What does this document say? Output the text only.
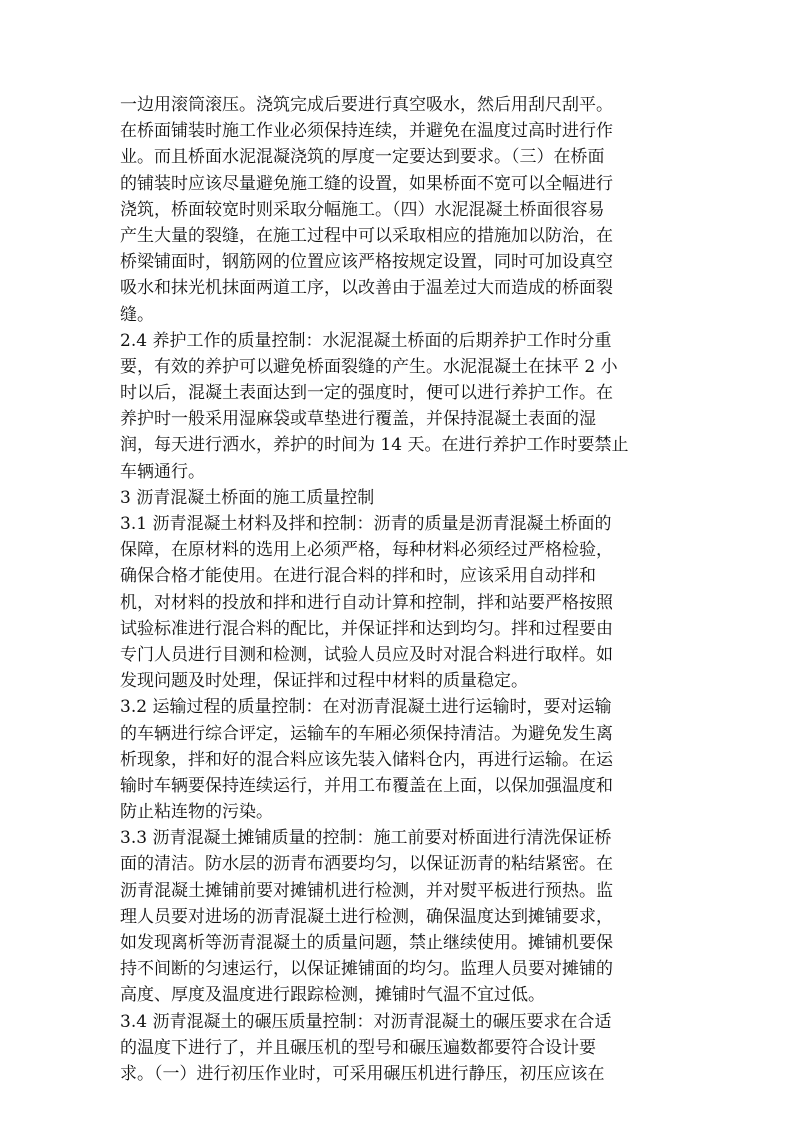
一边用滚筒滚压。浇筑完成后要进行真空吸水，然后用刮尺刮平。
在桥面铺装时施工作业必须保持连续，并避免在温度过高时进行作
业。而且桥面水泥混凝浇筑的厚度一定要达到要求。（三）在桥面
的铺装时应该尽量避免施工缝的设置，如果桥面不宽可以全幅进行
浇筑，桥面较宽时则采取分幅施工。（四）水泥混凝土桥面很容易
产生大量的裂缝，在施工过程中可以采取相应的措施加以防治，在
桥梁铺面时，钢筋网的位置应该严格按规定设置，同时可加设真空
吸水和抹光机抹面两道工序，以改善由于温差过大而造成的桥面裂
缝。
2.4 养护工作的质量控制：水泥混凝土桥面的后期养护工作时分重
要，有效的养护可以避免桥面裂缝的产生。水泥混凝土在抹平 2 小
时以后，混凝土表面达到一定的强度时，便可以进行养护工作。在
养护时一般采用湿麻袋或草垫进行覆盖，并保持混凝土表面的湿
润，每天进行洒水，养护的时间为 14 天。在进行养护工作时要禁止
车辆通行。
3 沥青混凝土桥面的施工质量控制
3.1 沥青混凝土材料及拌和控制：沥青的质量是沥青混凝土桥面的
保障，在原材料的选用上必须严格，每种材料必须经过严格检验，
确保合格才能使用。在进行混合料的拌和时，应该采用自动拌和
机，对材料的投放和拌和进行自动计算和控制，拌和站要严格按照
试验标准进行混合料的配比，并保证拌和达到均匀。拌和过程要由
专门人员进行目测和检测，试验人员应及时对混合料进行取样。如
发现问题及时处理，保证拌和过程中材料的质量稳定。
3.2 运输过程的质量控制：在对沥青混凝土进行运输时，要对运输
的车辆进行综合评定，运输车的车厢必须保持清洁。为避免发生离
析现象，拌和好的混合料应该先装入储料仓内，再进行运输。在运
输时车辆要保持连续运行，并用工布覆盖在上面，以保加强温度和
防止粘连物的污染。
3.3 沥青混凝土摊铺质量的控制：施工前要对桥面进行清洗保证桥
面的清洁。防水层的沥青布洒要均匀，以保证沥青的粘结紧密。在
沥青混凝土摊铺前要对摊铺机进行检测，并对熨平板进行预热。监
理人员要对进场的沥青混凝土进行检测，确保温度达到摊铺要求，
如发现离析等沥青混凝土的质量问题，禁止继续使用。摊铺机要保
持不间断的匀速运行，以保证摊铺面的均匀。监理人员要对摊铺的
高度、厚度及温度进行跟踪检测，摊铺时气温不宜过低。
3.4 沥青混凝土的碾压质量控制：对沥青混凝土的碾压要求在合适
的温度下进行了，并且碾压机的型号和碾压遍数都要符合设计要
求。（一）进行初压作业时，可采用碾压机进行静压，初压应该在
